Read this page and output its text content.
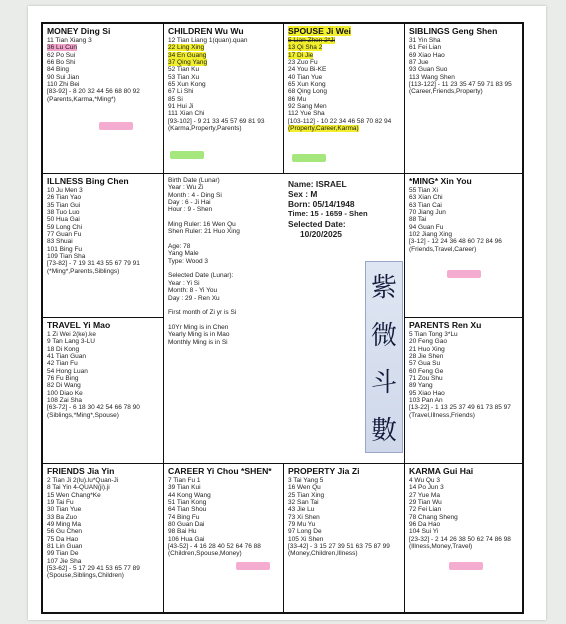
MONEY Ding Si
11 Tian Xiang 3
36 Lu Cun
62 Po Sui
66 Bo Shi
84 Bing
90 Sui Jian
110 Zhi Bei
[83-92] - 8 20 32 44 56 68 80 92
(Parents,Karma,*Ming*)
CHILDREN Wu Wu
12 Tian Liang 1(quan).quan
22 Ling Xing
34 En Guang
37 Qing Yang
52 Tian Ku
53 Tian Xu
65 Xun Kong
67 Li Shi
85 Si
91 Hui Ji
111 Xian Chi
[93-102] - 9 21 33 45 57 69 81 93
(Karma,Property,Parents)
SPOUSE Ji Wei
5 Lian Zhen 2*Ji
13 Qi Sha 2
17 Di Jie
23 Zuo Fu
24 You Bi-KE
40 Tian Yue
65 Xun Kong
68 Qing Long
86 Mu
92 Sang Men
112 Yue Sha
[103-112] - 10 22 34 46 58 70 82 94
(Property,Career,Karma)
SIBLINGS Geng Shen
31 Yin Sha
61 Fei Lian
69 Xiao Hao
87 Jue
93 Guan Suo
113 Wang Shen
[113-122] - 11 23 35 47 59 71 83 95
(Career,Friends,Property)
ILLNESS Bing Chen
10 Ju Men 3
26 Tian Yao
35 Tian Gui
38 Tuo Luo
50 Hua Gai
59 Long Chi
77 Guan Fu
83 Shuai
101 Bing Fu
109 Tian Sha
[73-82] - 7 19 31 43 55 67 79 91
(*Ming*,Parents,Siblings)
*MING* Xin You
55 Tian Xi
63 Xian Chi
63 Tian Cai
70 Jiang Jun
88 Tai
94 Guan Fu
102 Jiang Xing
[3-12] - 12 24 36 48 60 72 84 96
(Friends,Travel,Career)
TRAVEL Yi Mao
1 Zi Wei 2(ke).ke
9 Tan Lang 3-LU
18 Di Kong
41 Tian Guan
42 Tian Fu
54 Hong Luan
76 Fu Bing
82 Di Wang
100 Diao Ke
108 Zai Sha
[63-72] - 6 18 30 42 54 66 78 90
(Siblings,*Ming*,Spouse)
PARENTS Ren Xu
5 Tian Tong 3*Lu
20 Feng Gao
21 Huo Xing
28 Jie Shen
57 Gua Su
60 Feng Ge
71 Zou Shu
89 Yang
95 Xiao Hao
103 Pan An
[13-22] - 1 13 25 37 49 61 73 85 97
(Travel,Illness,Friends)
Birth Date (Lunar)
Year : Wu Zi
Month : 4 - Ding Si
Day : 6 - Ji Hai
Hour : 9 - Shen

Ming Ruler: 16 Wen Qu
Shen Ruler: 21 Huo Xing

Age: 78
Yang Male
Type: Wood 3

Selected Date (Lunar):
Year : Yi Si
Month: 8 - Yi You
Day : 29 - Ren Xu

First month of Zi yr is Si

10Yr Ming is in Chen
Yearly Ming is in Mao
Monthly Ming is in Si
Name: ISRAEL
Sex : M
Born: 05/14/1948
Time: 15 - 1659 - Shen
Selected Date:
10/20/2025
FRIENDS Jia Yin
2 Tian Ji 2(lu).lu*Quan-Ji
8 Tai Yin 4-QUAN(ji).ji
15 Wen Chang*Ke
19 Tai Fu
30 Tian Yue
33 Ba Zuo
49 Ming Ma
56 Gu Chen
75 Da Hao
81 Lin Guan
99 Tian De
107 Jie Sha
[53-62] - 5 17 29 41 53 65 77 89
(Spouse,Siblings,Children)
CAREER Yi Chou *SHEN*
7 Tian Fu 1
39 Tian Kui
44 Kong Wang
51 Tian Kong
64 Tian Shou
74 Bing Fu
80 Guan Dai
98 Bai Hu
106 Hua Gai
[43-52] - 4 16 28 40 52 64 76 88
(Children,Spouse,Money)
PROPERTY Jia Zi
3 Tai Yang 5
16 Wen Qu
25 Tian Xing
32 San Tai
43 Jie Lu
73 Xi Shen
79 Mu Yu
97 Long De
105 Xi Shen
[33-42] - 3 15 27 39 51 63 75 87 99
(Money,Children,Illness)
KARMA Gui Hai
4 Wu Qu 3
14 Po Jun 3
27 Yue Ma
29 Tian Wu
72 Fei Lian
78 Chang Sheng
96 Da Hao
104 Sui Yi
[23-32] - 2 14 26 38 50 62 74 86 98
(Illness,Money,Travel)
紫
微
斗
數
